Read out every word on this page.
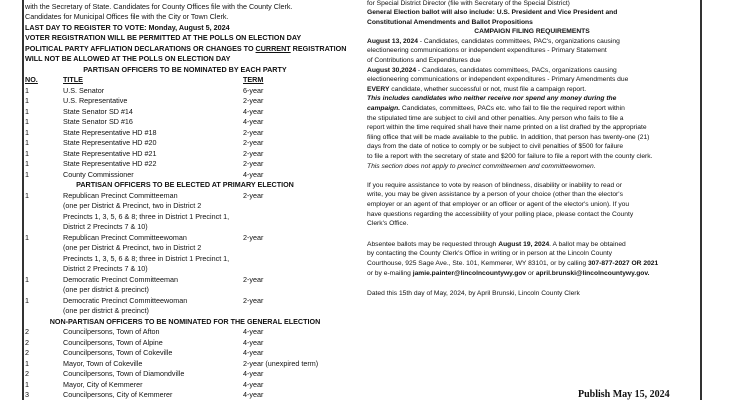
with the Secretary of State. Candidates for County Offices file with the County Clerk.
Candidates for Municipal Offices file with the City or Town Clerk.
LAST DAY TO REGISTER TO VOTE: Monday, August 5, 2024
VOTER REGISTRATION WILL BE PERMITTED AT THE POLLS ON ELECTION DAY
POLITICAL PARTY AFFLIATION DECLARATIONS OR CHANGES TO CURRENT REGISTRATION
WILL NOT BE ALLOWED AT THE POLLS ON ELECTION DAY
PARTISAN OFFICERS TO BE NOMINATED BY EACH PARTY
NO.	TITLE	TERM
1	U.S. Senator	6-year
1	U.S. Representative	2-year
1	State Senator SD #14	4-year
1	State Senator SD #16	4-year
1	State Representative HD #18	2-year
1	State Representative HD #20	2-year
1	State Representative HD #21	2-year
1	State Representative HD #22	2-year
1	County Commissioner	4-year
PARTISAN OFFICERS TO BE ELECTED AT PRIMARY ELECTION
1	Republican Precinct Committeeman	2-year
(one per District & Precinct, two in District 2
Precincts 1, 3, 5, 6 & 8; three in District 1 Precinct 1,
District 2 Precincts 7 & 10)
1	Republican Precinct Committeewoman	2-year
(one per District & Precinct, two in District 2
Precincts 1, 3, 5, 6 & 8; three in District 1 Precinct 1,
District 2 Precincts 7 & 10)
1	Democratic Precinct Committeeman	2-year
(one per district & precinct)
1	Democratic Precinct Committeewoman	2-year
(one per district & precinct)
NON-PARTISAN OFFICERS TO BE NOMINATED FOR THE GENERAL ELECTION
2	Councilpersons, Town of Afton	4-year
2	Councilpersons, Town of Alpine	4-year
2	Councilpersons, Town of Cokeville	4-year
1	Mayor, Town of Cokeville	2-year (unexpired term)
2	Councilpersons, Town of Diamondville	4-year
1	Mayor, City of Kemmerer	4-year
3	Councilpersons, City of Kemmerer	4-year
for Special District Director (file with Secretary of the Special District)
General Election ballot will also include: U.S. President and Vice President and
Constitutional Amendments and Ballot Propositions
CAMPAIGN FILING REQUIREMENTS
August 13, 2024 - Candidates, candidates committees, PAC's, organizations causing
electioneering communications or independent expenditures - Primary Statement
of Contributions and Expenditures due
August 30,2024 - Candidates, candidates committees, PACs, organizations causing
electioneering communications or independent expenditures - Primary Amendments due
EVERY candidate, whether successful or not, must file a campaign report.
This includes candidates who neither receive nor spend any money during the
campaign. Candidates, committees, PACs etc. who fail to file the required report within
the stipulated time are subject to civil and other penalties. Any person who fails to file a
report within the time required shall have their name printed on a list drafted by the appropriate
filing office that will be made available to the public. In addition, that person has twenty-one (21)
days from the date of notice to comply or be subject to civil penalties of $500 for failure
to file a report with the secretary of state and $200 for failure to file a report with the county clerk.
This section does not apply to precinct committeemen and committeewomen.
If you require assistance to vote by reason of blindness, disability or inability to read or
write, you may be given assistance by a person of your choice (other than the elector's
employer or an agent of that employer or an officer or agent of the elector's union). If you
have questions regarding the accessibility of your polling place, please contact the County
Clerk's Office.
Absentee ballots may be requested through August 19, 2024. A ballot may be obtained
by contacting the County Clerk's Office in writing or in person at the Lincoln County
Courthouse, 925 Sage Ave., Ste. 101, Kemmerer, WY 83101, or by calling 307-877-2027 OR 2021
or by e-mailing jamie.painter@lincolncountywy.gov or april.brunski@lincolncountywy.gov.
Dated this 15th day of May, 2024, by April Brunski, Lincoln County Clerk
Publish May 15, 2024
